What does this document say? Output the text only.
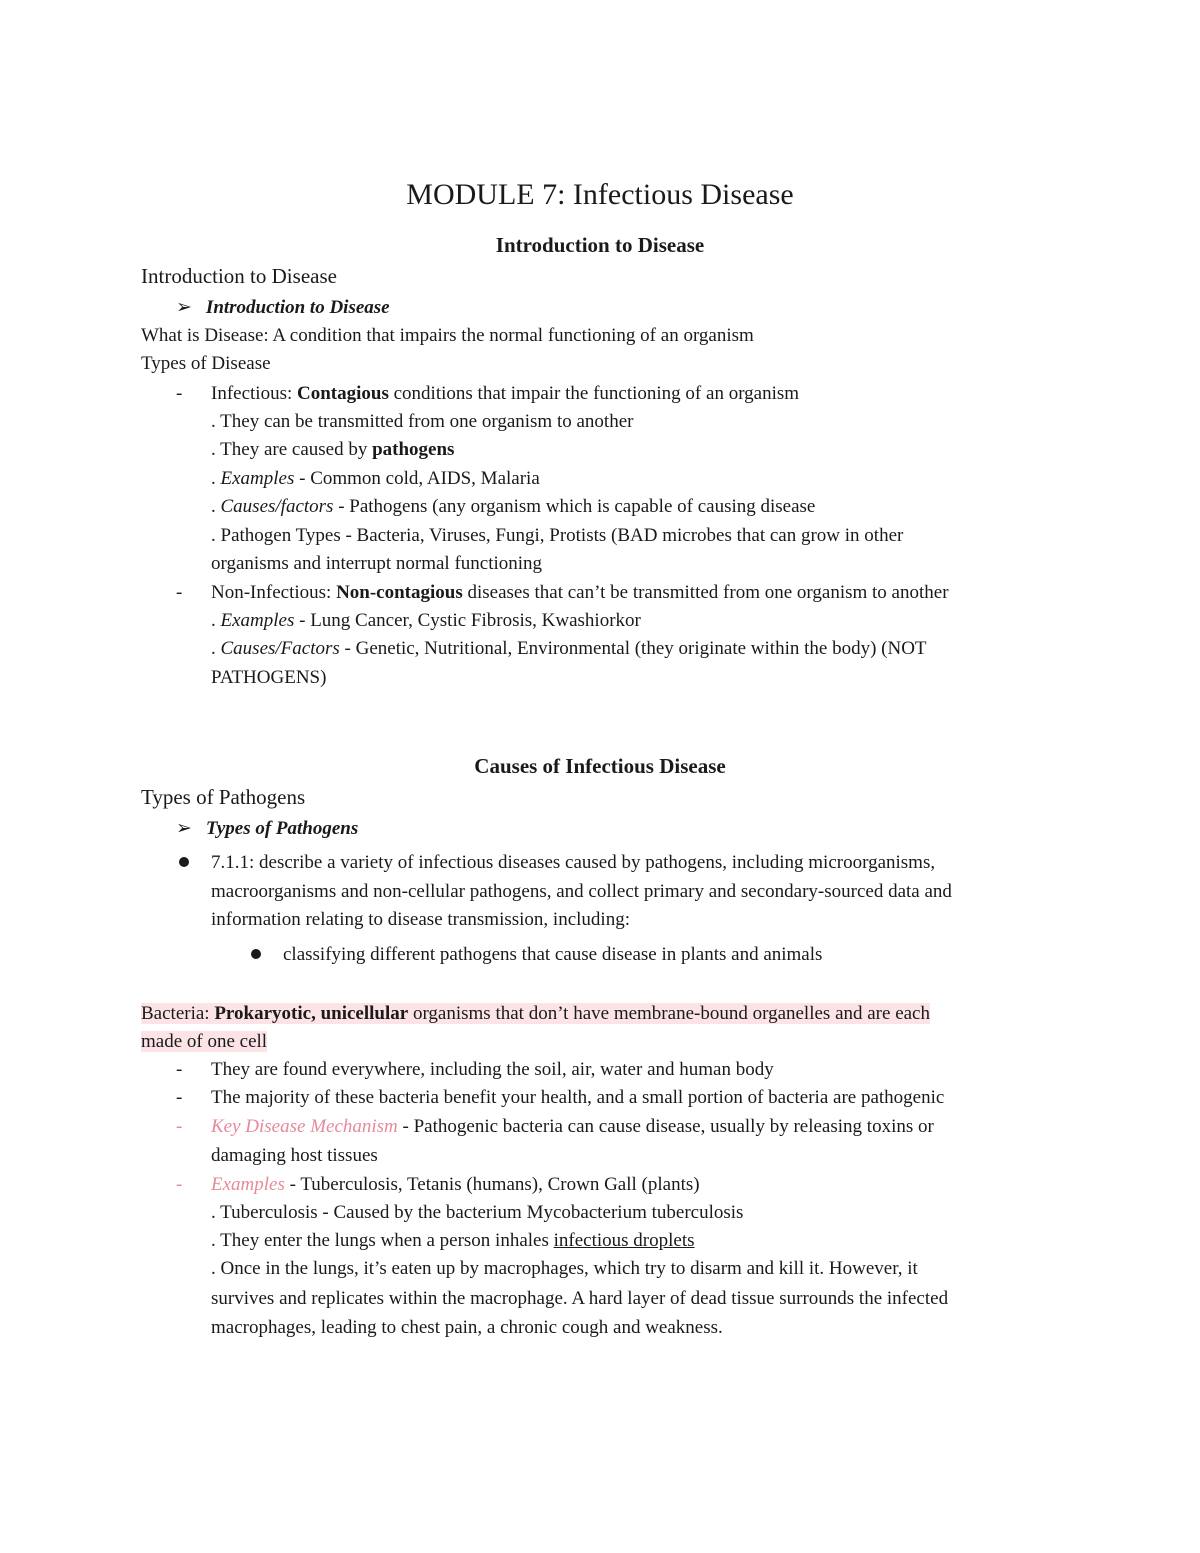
MODULE 7: Infectious Disease
Introduction to Disease
Introduction to Disease
➢ Introduction to Disease
What is Disease: A condition that impairs the normal functioning of an organism
Types of Disease
- Infectious: Contagious conditions that impair the functioning of an organism
. They can be transmitted from one organism to another
. They are caused by pathogens
. Examples - Common cold, AIDS, Malaria
. Causes/factors - Pathogens (any organism which is capable of causing disease
. Pathogen Types - Bacteria, Viruses, Fungi, Protists (BAD microbes that can grow in other
organisms and interrupt normal functioning
- Non-Infectious: Non-contagious diseases that can’t be transmitted from one organism to another
. Examples - Lung Cancer, Cystic Fibrosis, Kwashiorkor
. Causes/Factors - Genetic, Nutritional, Environmental (they originate within the body) (NOT
PATHOGENS)
Causes of Infectious Disease
Types of Pathogens
➢ Types of Pathogens
7.1.1: describe a variety of infectious diseases caused by pathogens, including microorganisms,
macroorganisms and non-cellular pathogens, and collect primary and secondary-sourced data and
information relating to disease transmission, including:
classifying different pathogens that cause disease in plants and animals
Bacteria: Prokaryotic, unicellular organisms that don’t have membrane-bound organelles and are each
made of one cell
- They are found everywhere, including the soil, air, water and human body
- The majority of these bacteria benefit your health, and a small portion of bacteria are pathogenic
- Key Disease Mechanism - Pathogenic bacteria can cause disease, usually by releasing toxins or
damaging host tissues
- Examples - Tuberculosis, Tetanis (humans), Crown Gall (plants)
. Tuberculosis - Caused by the bacterium Mycobacterium tuberculosis
. They enter the lungs when a person inhales infectious droplets
. Once in the lungs, it’s eaten up by macrophages, which try to disarm and kill it. However, it
survives and replicates within the macrophage. A hard layer of dead tissue surrounds the infected
macrophages, leading to chest pain, a chronic cough and weakness.
